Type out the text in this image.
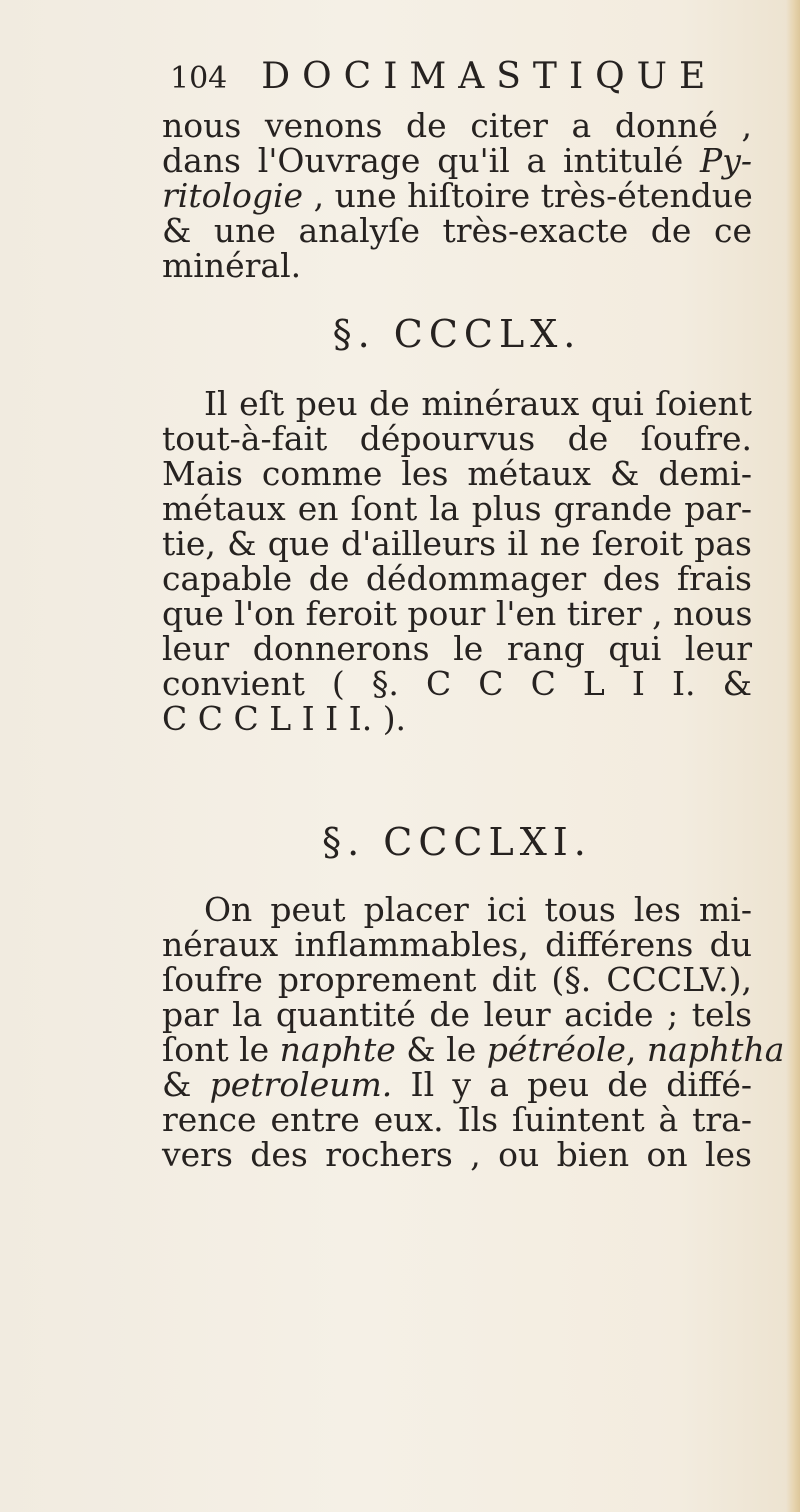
104 DOCIMASTIQUE
nous venons de citer a donné ,
dans l'Ouvrage qu'il a intitulé Py-
ritologie , une hiſtoire très-étendue
& une analyſe très-exacte de ce
minéral.
§. CCCLX.
Il eſt peu de minéraux qui ſoient
tout-à-fait dépourvus de ſoufre.
Mais comme les métaux & demi-
métaux en ſont la plus grande par-
tie, & que d'ailleurs il ne ſeroit pas
capable de dédommager des frais
que l'on feroit pour l'en tirer , nous
leur donnerons le rang qui leur
convient ( §. C C C L I I. &
C C C L I I I. ).
§. CCCLXI.
On peut placer ici tous les mi-
néraux inflammables, différens du
ſoufre proprement dit (§. CCCLV.),
par la quantité de leur acide ; tels
ſont le naphte & le pétréole, naphtha
& petroleum. Il y a peu de diffé-
rence entre eux. Ils ſuintent à tra-
vers des rochers , ou bien on les
